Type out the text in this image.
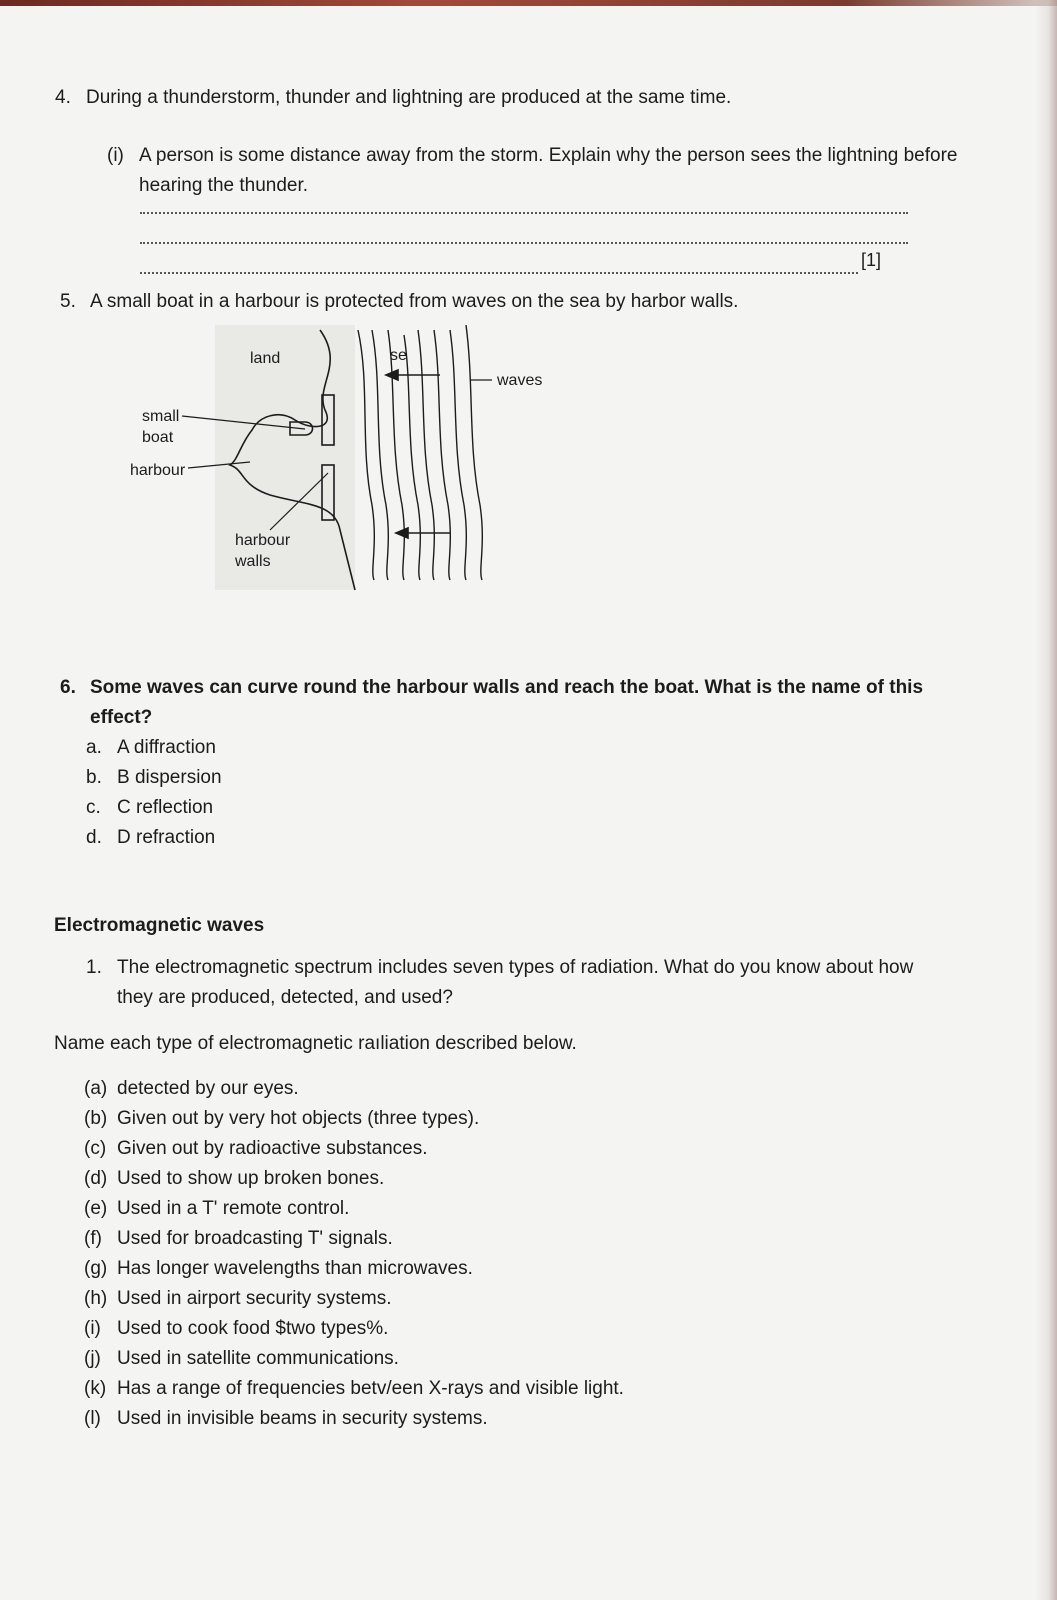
4. During a thunderstorm, thunder and lightning are produced at the same time.
(i) A person is some distance away from the storm. Explain why the person sees the lightning before
hearing the thunder.
[1]
5. A small boat in a harbour is protected from waves on the sea by harbor walls.
land	se
waves
small
boat
harbour
harbour
walls
6. Some waves can curve round the harbour walls and reach the boat. What is the name of this
effect?
a. A diffraction
b. B dispersion
c. C reflection
d. D refraction
Electromagnetic waves
1. The electromagnetic spectrum includes seven types of radiation. What do you know about how
they are produced, detected, and used?
Name each type of electromagnetic raıliation described below.
(a) detected by our eyes.
(b) Given out by very hot objects (three types).
(c) Given out by radioactive substances.
(d) Used to show up broken bones.
(e) Used in a T' remote control.
(f) Used for broadcasting T' signals.
(g) Has longer wavelengths than microwaves.
(h) Used in airport security systems.
(i) Used to cook food $two types%.
(j) Used in satellite communications.
(k) Has a range of frequencies betv/een X-rays and visible light.
(l) Used in invisible beams in security systems.
